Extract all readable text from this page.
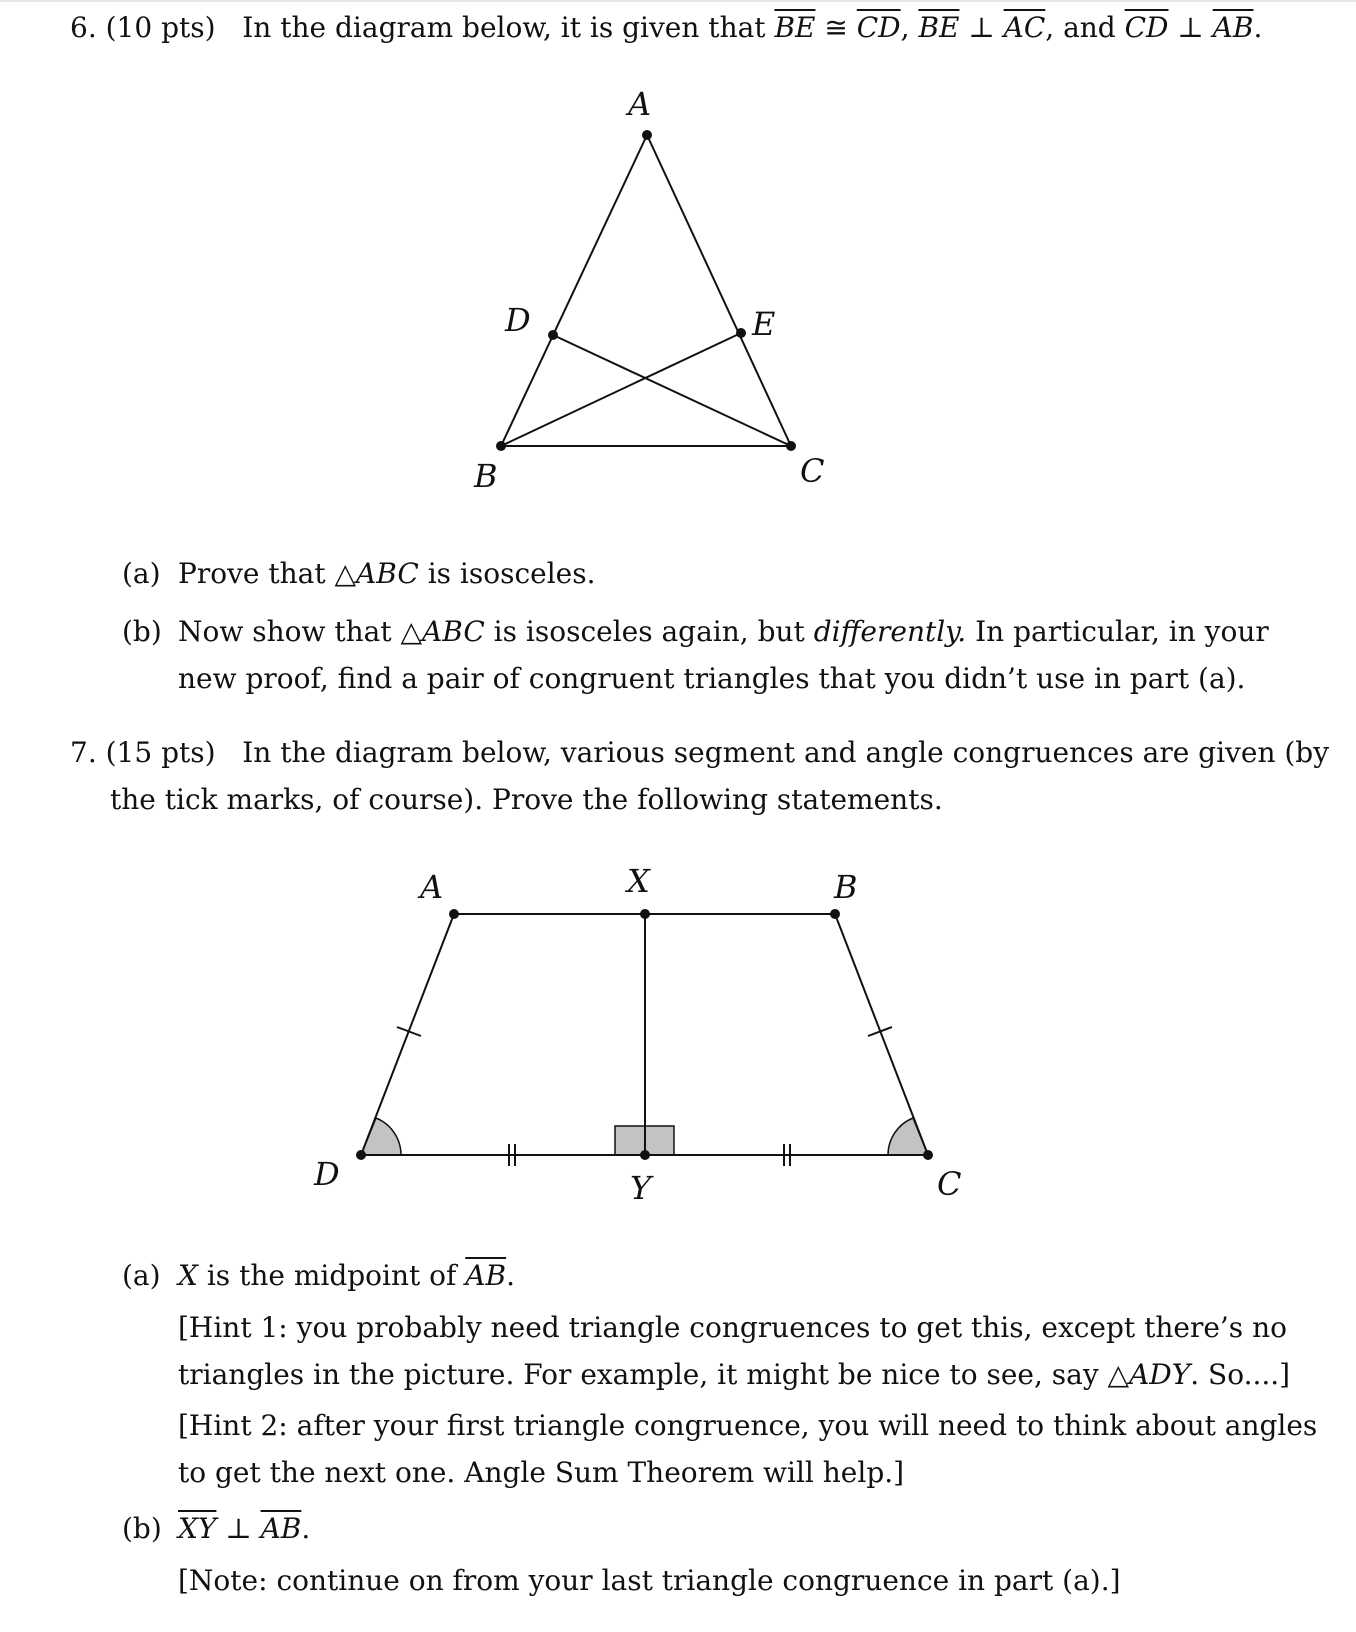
6. (10 pts) In the diagram below, it is given that $\overline{BE}$ ≅ $\overline{CD}$, $\overline{BE}$ ⊥ $\overline{AC}$, and $\overline{CD}$ ⊥ $\overline{AB}$.
A
B	C
D	E
(a) Prove that △ABC is isosceles.
(b) Now show that △ABC is isosceles again, but differently. In particular, in your
new proof, find a pair of congruent triangles that you didn’t use in part (a).
7. (15 pts) In the diagram below, various segment and angle congruences are given (by
the tick marks, of course). Prove the following statements.
A	X	B
D	Y	C
(a) X is the midpoint of $\overline{AB}$.
[Hint 1: you probably need triangle congruences to get this, except there’s no
triangles in the picture. For example, it might be nice to see, say △ADY. So....]
[Hint 2: after your first triangle congruence, you will need to think about angles
to get the next one. Angle Sum Theorem will help.]
(b) $\overline{XY}$ ⊥ $\overline{AB}$.
[Note: continue on from your last triangle congruence in part (a).]
